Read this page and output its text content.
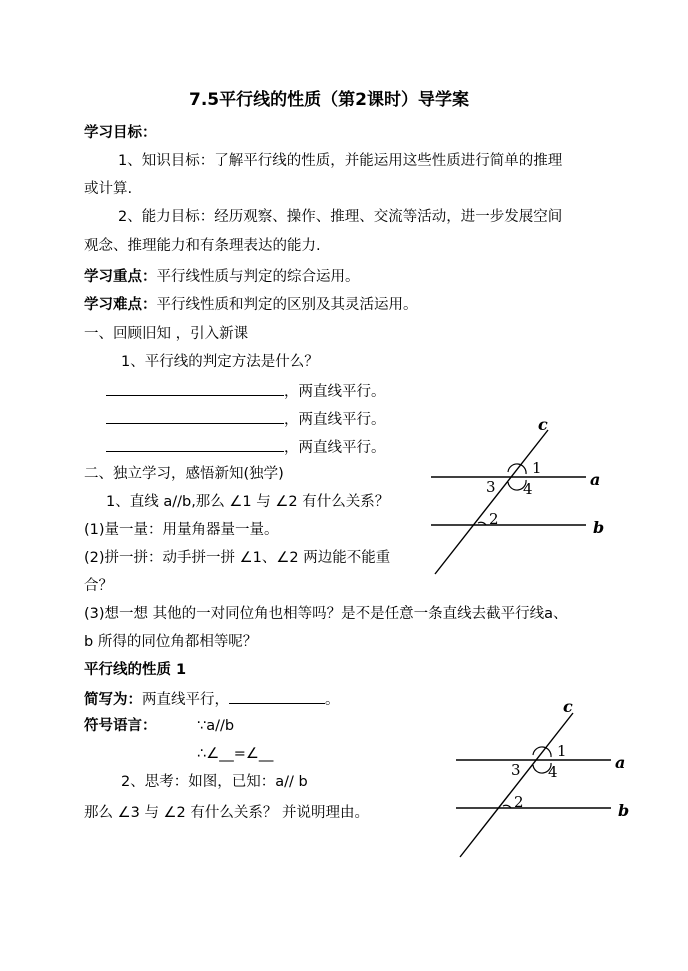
7.5平行线的性质（第2课时）导学案
学习目标：
1、知识目标：了解平行线的性质，并能运用这些性质进行简单的推理
或计算.
2、能力目标：经历观察、操作、推理、交流等活动，进一步发展空间
观念、推理能力和有条理表达的能力.
学习重点：平行线性质与判定的综合运用。
学习难点：平行线性质和判定的区别及其灵活运用。
一、回顾旧知 ，引入新课
1、平行线的判定方法是什么？
，两直线平行。
，两直线平行。
，两直线平行。
二、独立学习，感悟新知(独学)
1、直线 a//b,那么 ∠1 与 ∠2 有什么关系？
(1)量一量：用量角器量一量。
(2)拼一拼：动手拼一拼 ∠1、∠2 两边能不能重
合？
(3)想一想 其他的一对同位角也相等吗？是不是任意一条直线去截平行线a、
b 所得的同位角都相等呢？
平行线的性质 1
简写为：两直线平行，	。
符号语言：	∵a//b
∴∠__=∠__
2、思考：如图，已知：a// b
那么 ∠3 与 ∠2 有什么关系？ 并说明理由。
c
a
b
1
3 4
2
c
a
b
1
3 4
2
